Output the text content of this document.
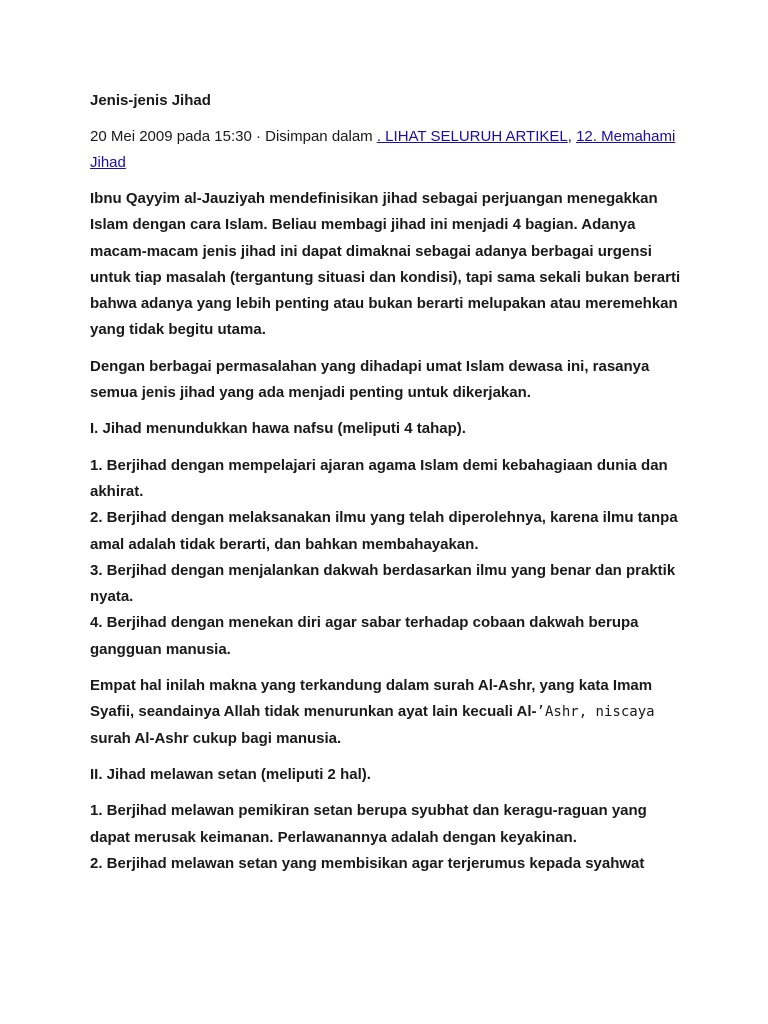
Jenis-jenis Jihad
20 Mei 2009 pada 15:30 · Disimpan dalam . LIHAT SELURUH ARTIKEL, 12. Memahami Jihad
Ibnu Qayyim al-Jauziyah mendefinisikan jihad sebagai perjuangan menegakkan Islam dengan cara Islam. Beliau membagi jihad ini menjadi 4 bagian. Adanya macam-macam jenis jihad ini dapat dimaknai sebagai adanya berbagai urgensi untuk tiap masalah (tergantung situasi dan kondisi), tapi sama sekali bukan berarti bahwa adanya yang lebih penting atau bukan berarti melupakan atau meremehkan yang tidak begitu utama.
Dengan berbagai permasalahan yang dihadapi umat Islam dewasa ini, rasanya semua jenis jihad yang ada menjadi penting untuk dikerjakan.
I. Jihad menundukkan hawa nafsu (meliputi 4 tahap).
1. Berjihad dengan mempelajari ajaran agama Islam demi kebahagiaan dunia dan akhirat.
2. Berjihad dengan melaksanakan ilmu yang telah diperolehnya, karena ilmu tanpa amal adalah tidak berarti, dan bahkan membahayakan.
3. Berjihad dengan menjalankan dakwah berdasarkan ilmu yang benar dan praktik nyata.
4. Berjihad dengan menekan diri agar sabar terhadap cobaan dakwah berupa gangguan manusia.
Empat hal inilah makna yang terkandung dalam surah Al-Ashr, yang kata Imam Syafii, seandainya Allah tidak menurunkan ayat lain kecuali Al-’Ashr, niscaya surah Al-Ashr cukup bagi manusia.
II. Jihad melawan setan (meliputi 2 hal).
1. Berjihad melawan pemikiran setan berupa syubhat dan keragu-raguan yang dapat merusak keimanan. Perlawanannya adalah dengan keyakinan.
2. Berjihad melawan setan yang membisikan agar terjerumus kepada syahwat
